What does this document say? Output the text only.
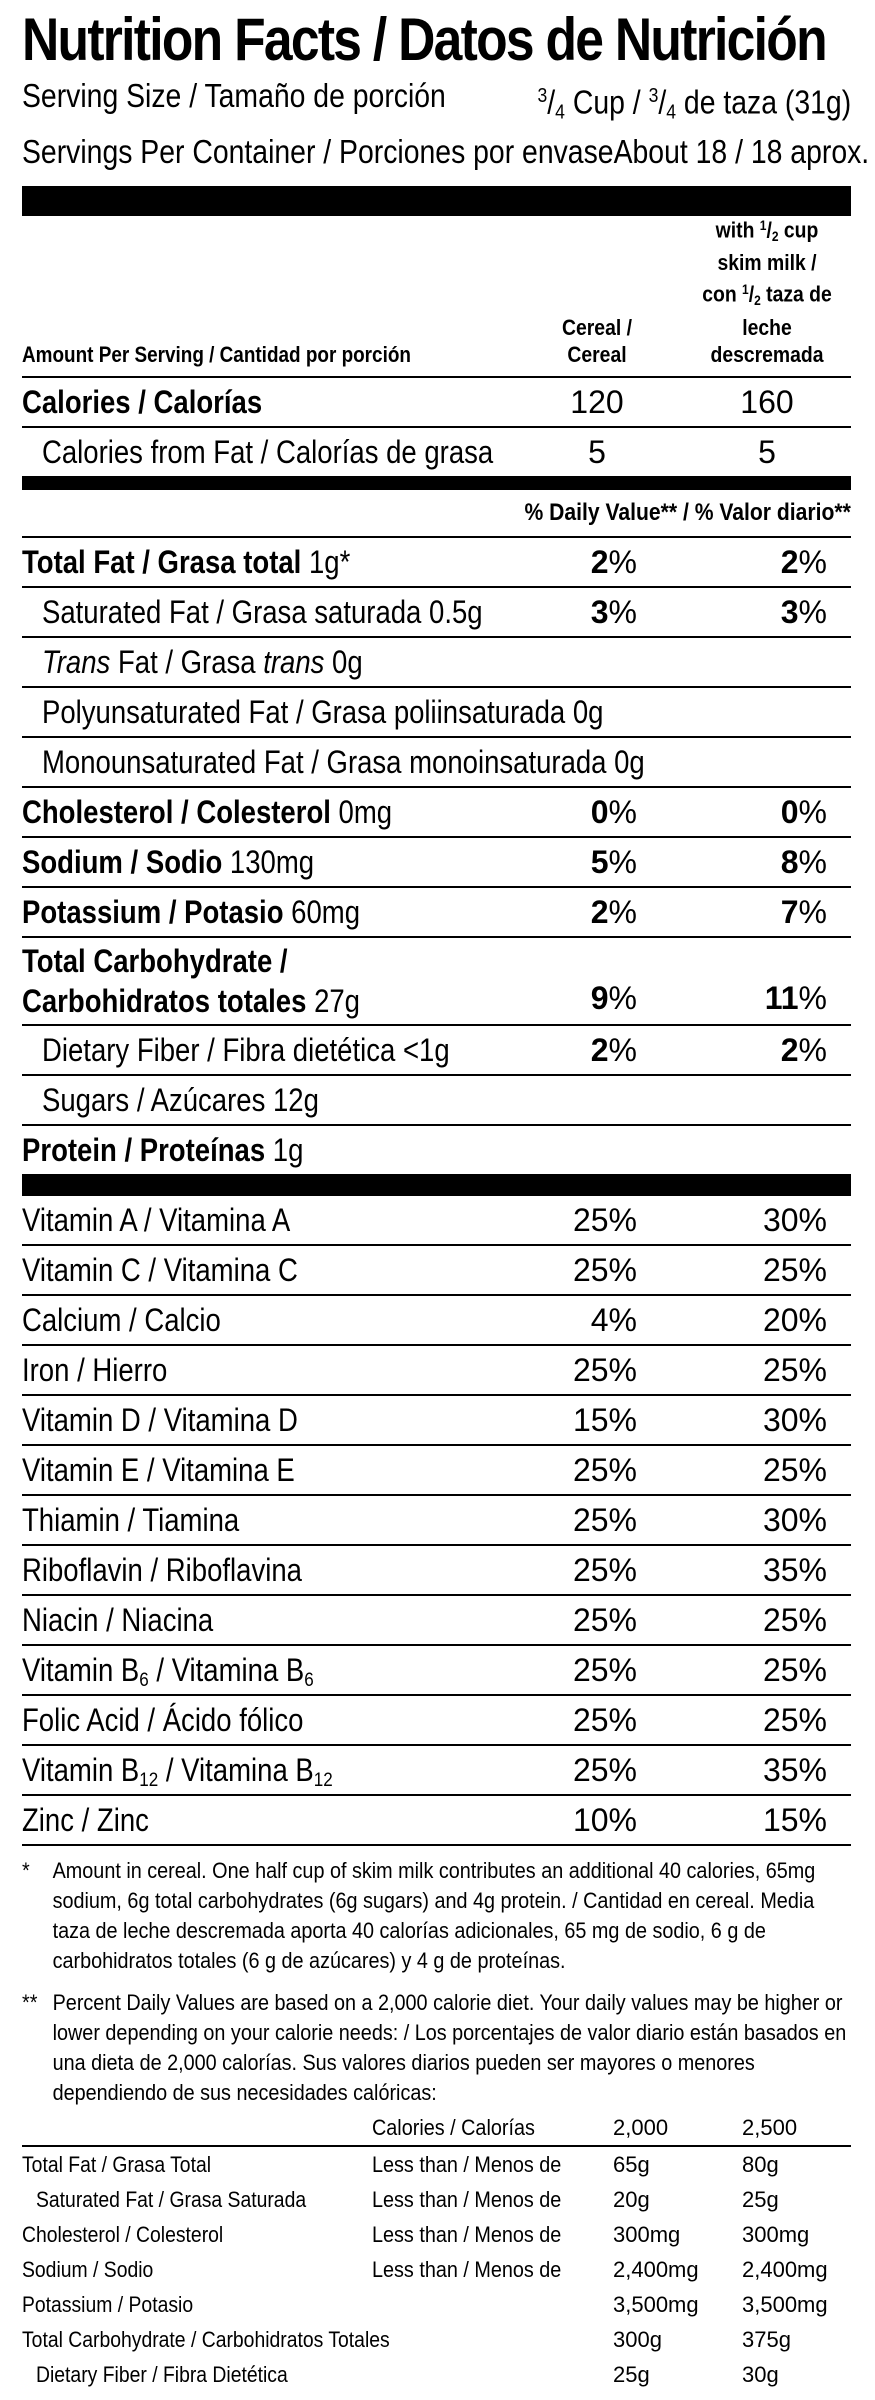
Nutrition Facts / Datos de Nutrición
Serving Size / Tamaño de porción	$^3/_4$ Cup / $^3/_4$ de taza (31g)
Servings Per Container / Porciones por envase About 18 / 18 aprox.
Amount Per Serving / Cantidad por porción
Cereal /
Cereal
with $^1/_2$ cup
skim milk /
con $^1/_2$ taza de
leche descremada
Calories / Calorías	120	160
Calories from Fat / Calorías de grasa	5	5
% Daily Value** / % Valor diario**
Total Fat / Grasa total 1g*	2%	2%
Saturated Fat / Grasa saturada 0.5g	3%	3%
Trans Fat / Grasa trans 0g
Polyunsaturated Fat / Grasa poliinsaturada 0g
Monounsaturated Fat / Grasa monoinsaturada 0g
Cholesterol / Colesterol 0mg	0%	0%
Sodium / Sodio 130mg	5%	8%
Potassium / Potasio 60mg	2%	7%
Total Carbohydrate /
Carbohidratos totales 27g	9%	11%
Dietary Fiber / Fibra dietética <1g	2%	2%
Sugars / Azúcares 12g
Protein / Proteínas 1g
Vitamin A / Vitamina A	25%	30%
Vitamin C / Vitamina C	25%	25%
Calcium / Calcio	4%	20%
Iron / Hierro	25%	25%
Vitamin D / Vitamina D	15%	30%
Vitamin E / Vitamina E	25%	25%
Thiamin / Tiamina	25%	30%
Riboflavin / Riboflavina	25%	35%
Niacin / Niacina	25%	25%
Vitamin $B_6$ / Vitamina $B_6$	25%	25%
Folic Acid / Ácido fólico	25%	25%
Vitamin $B_{12}$ / Vitamina $B_{12}$	25%	35%
Zinc / Zinc	10%	15%

* Amount in cereal. One half cup of skim milk contributes an additional 40 calories, 65mg sodium, 6g total carbohydrates (6g sugars) and 4g protein. / Cantidad en cereal. Media taza de leche descremada aporta 40 calorías adicionales, 65 mg de sodio, 6 g de carbohidratos totales (6 g de azúcares) y 4 g de proteínas.

** Percent Daily Values are based on a 2,000 calorie diet. Your daily values may be higher or lower depending on your calorie needs: / Los porcentajes de valor diario están basados en una dieta de 2,000 calorías. Sus valores diarios pueden ser mayores o menores dependiendo de sus necesidades calóricas:

Calories / Calorías	2,000	2,500
Total Fat / Grasa Total	Less than / Menos de 65g	80g
Saturated Fat / Grasa Saturada	Less than / Menos de 20g	25g
Cholesterol / Colesterol	Less than / Menos de 300mg	300mg
Sodium / Sodio	Less than / Menos de 2,400mg 2,400mg
Potassium / Potasio	3,500mg 3,500mg
Total Carbohydrate / Carbohidratos Totales	300g	375g
Dietary Fiber / Fibra Dietética	25g	30g
